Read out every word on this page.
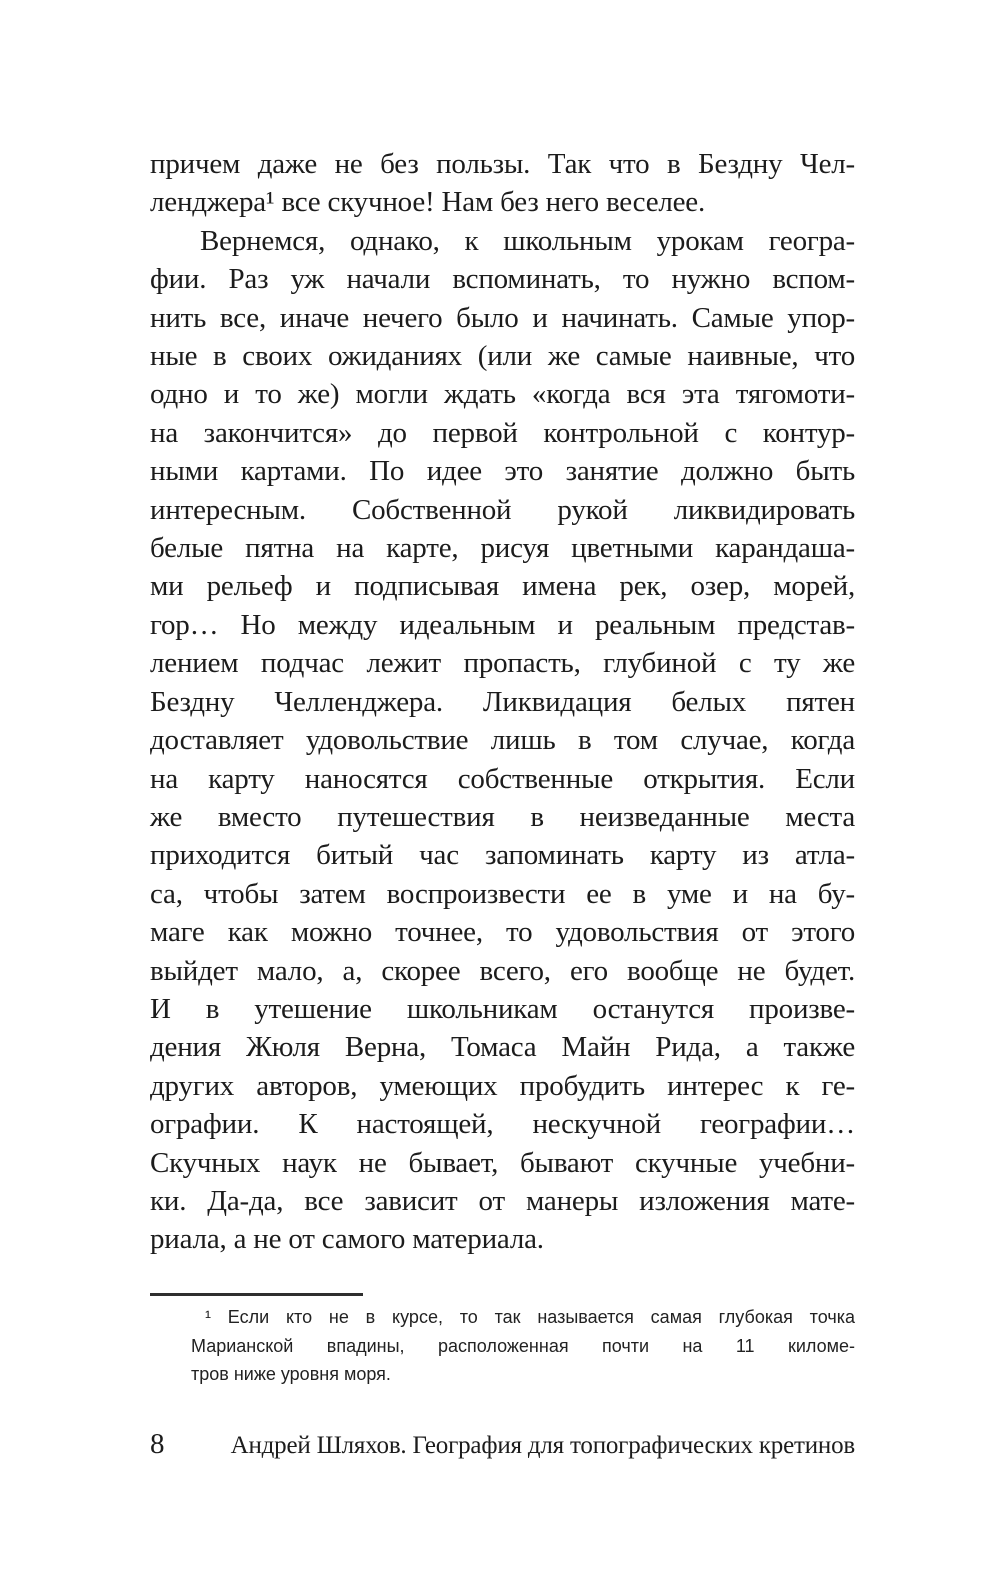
причем даже не без пользы. Так что в Бездну Чел-
ленджера¹ все скучное! Нам без него веселее.
Вернемся, однако, к школьным урокам геогра-
фии. Раз уж начали вспоминать, то нужно вспом-
нить все, иначе нечего было и начинать. Самые упор-
ные в своих ожиданиях (или же самые наивные, что
одно и то же) могли ждать «когда вся эта тягомоти-
на закончится» до первой контрольной с контур-
ными картами. По идее это занятие должно быть
интересным. Собственной рукой ликвидировать
белые пятна на карте, рисуя цветными карандаша-
ми рельеф и подписывая имена рек, озер, морей,
гор… Но между идеальным и реальным представ-
лением подчас лежит пропасть, глубиной с ту же
Бездну Челленджера. Ликвидация белых пятен
доставляет удовольствие лишь в том случае, когда
на карту наносятся собственные открытия. Если
же вместо путешествия в неизведанные места
приходится битый час запоминать карту из атла-
са, чтобы затем воспроизвести ее в уме и на бу-
маге как можно точнее, то удовольствия от этого
выйдет мало, а, скорее всего, его вообще не будет.
И в утешение школьникам останутся произве-
дения Жюля Верна, Томаса Майн Рида, а также
других авторов, умеющих пробудить интерес к ге-
ографии. К настоящей, нескучной географии…
Скучных наук не бывает, бывают скучные учебни-
ки. Да-да, все зависит от манеры изложения мате-
риала, а не от самого материала.
¹ Если кто не в курсе, то так называется самая глубокая точка
Марианской впадины, расположенная почти на 11 киломе-
тров ниже уровня моря.
8	Андрей Шляхов. География для топографических кретинов
